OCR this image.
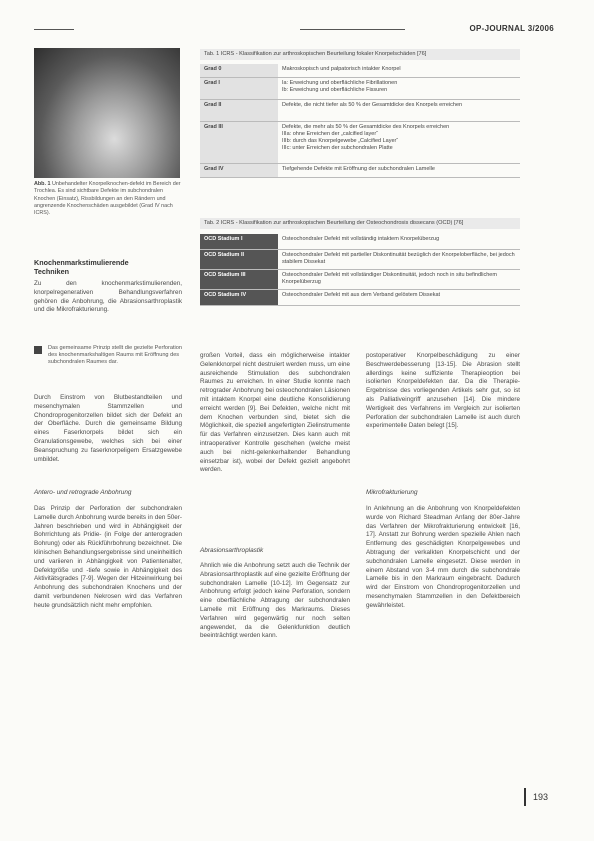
OP-JOURNAL 3/2006
Abb. 1 Unbehandelter Knorpelknochen-defekt im Bereich der Trochlea. Es sind sichtbare Defekte im subchondralen Knochen (Einsatz), Rissbildungen an den Rändern und angrenzende Knochenschäden ausgebildet (Grad IV nach ICRS).
Knochenmarkstimulierende
Techniken
Zu den knochenmarkstimulierenden, knorpelregenerativen Behandlungsverfahren gehören die Anbohrung, die Abrasionsarthroplastik und die Mikrofrakturierung.
Das gemeinsame Prinzip stellt die gezielte Perforation des knochenmarkshaltigen Raums mit Eröffnung des subchondralen Raumes dar.
Durch Einstrom von Blutbestandteilen und mesenchymalen Stammzellen und Chondroprogenitorzellen bildet sich der Defekt an der Oberfläche. Durch die gemeinsame Bildung eines Faserknorpels bildet sich ein Granulationsgewebe, welches sich bei einer Beanspruchung zu faserknorpeligem Ersatzgewebe umbildet.
Antero- und retrograde Anbohrung
Das Prinzip der Perforation der subchondralen Lamelle durch Anbohrung wurde bereits in den 50er-Jahren beschrieben und wird in Abhängigkeit der Bohrrichtung als Pridie- (in Folge der anterograden Bohrung) oder als Rückführbohrung bezeichnet. Die klinischen Behandlungsergebnisse sind uneinheitlich und variieren in Abhängigkeit von Patientenalter, Defektgröße und -tiefe sowie in Abhängigkeit des Aktivitätsgrades [7-9]. Wegen der Hitzeinwirkung bei Anbohrung des subchondralen Knochens und der damit verbundenen Nekrosen wird das Verfahren heute grundsätzlich nicht mehr empfohlen.
Tab. 1 ICRS - Klassifikation zur arthroskopischen Beurteilung fokaler Knorpelschäden [76]
Grad 0	Makroskopisch und palpatorisch intakter Knorpel
Grad I	Ia: Erweichung und oberflächliche Fibrillationen
Ib: Erweichung und oberflächliche Fissuren
Grad II	Defekte, die nicht tiefer als 50 % der Gesamtdicke des Knorpels erreichen
Grad III	Defekte, die mehr als 50 % der Gesamtdicke des Knorpels erreichen
IIIa: ohne Erreichen der „calcified layer“
IIIb: durch das Knorpelgewebe „Calcified Layer“
IIIc: unter Erreichen der subchondralen Platte
Grad IV	Tiefgehende Defekte mit Eröffnung der subchondralen Lamelle
Tab. 2 ICRS - Klassifikation zur arthroskopischen Beurteilung der Osteochondrosis dissecans (OCD) [76]
OCD Stadium I	Osteochondraler Defekt mit vollständig intaktem Knorpelüberzug
OCD Stadium II	Osteochondraler Defekt mit partieller Diskontinuität bezüglich der Knorpeloberfläche, bei jedoch stabilem Dissekat
OCD Stadium III	Osteochondraler Defekt mit vollständiger Diskontinuität, jedoch noch in situ befindlichem Knorpelüberzug
OCD Stadium IV	Osteochondraler Defekt mit aus dem Verband gelöstem Dissekat
großen Vorteil, dass ein möglicherweise intakter Gelenkknorpel nicht destruiert werden muss, um eine ausreichende Stimulation des subchondralen Raumes zu erreichen. In einer Studie konnte nach retrograder Anbohrung bei osteochondralen Läsionen mit intaktem Knorpel eine deutliche Konsolidierung erreicht werden [9]. Bei Defekten, welche nicht mit dem Knochen verbunden sind, bietet sich die Möglichkeit, die speziell angefertigten Zielinstrumente für das Verfahren einzusetzen. Dies kann auch mit intraoperativer Kontrolle geschehen (welche meist auch bei nicht-gelenkerhaltender Behandlung einsetzbar ist), wobei der Defekt gezielt angebohrt werden.
Abrasionsarthroplastik
Ähnlich wie die Anbohrung setzt auch die Technik der Abrasionsarthroplastik auf eine gezielte Eröffnung der subchondralen Lamelle [10-12]. Im Gegensatz zur Anbohrung erfolgt jedoch keine Perforation, sondern eine oberflächliche Abtragung der subchondralen Lamelle mit Eröffnung des Markraums. Dieses Verfahren wird gegenwärtig nur noch selten angewendet, da die Gelenkfunktion deutlich beeinträchtigt werden kann.
postoperativer Knorpelbeschädigung zu einer Beschwerdebesserung [13-15]. Die Abrasion stellt allerdings keine suffiziente Therapieoption bei isolierten Knorpeldefekten dar. Da die Therapie-Ergebnisse des vorliegenden Artikels sehr gut, so ist als Palliativeingriff anzusehen [14]. Die mindere Wertigkeit des Verfahrens im Vergleich zur isolierten Perforation der subchondralen Lamelle ist auch durch experimentelle Daten belegt [15].
Mikrofrakturierung
In Anlehnung an die Anbohrung von Knorpeldefekten wurde von Richard Steadman Anfang der 80er-Jahre das Verfahren der Mikrofrakturierung entwickelt [16, 17]. Anstatt zur Bohrung werden spezielle Ahlen nach Entfernung des geschädigten Knorpelgewebes und Abtragung der verkalkten Knorpelschicht und der subchondralen Lamelle eingesetzt. Diese werden in einem Abstand von 3-4 mm durch die subchondrale Lamelle bis in den Markraum eingebracht. Dadurch wird der Einstrom von Chondroprogenitorzellen und mesenchymalen Stammzellen in den Defektbereich gewährleistet.
193
